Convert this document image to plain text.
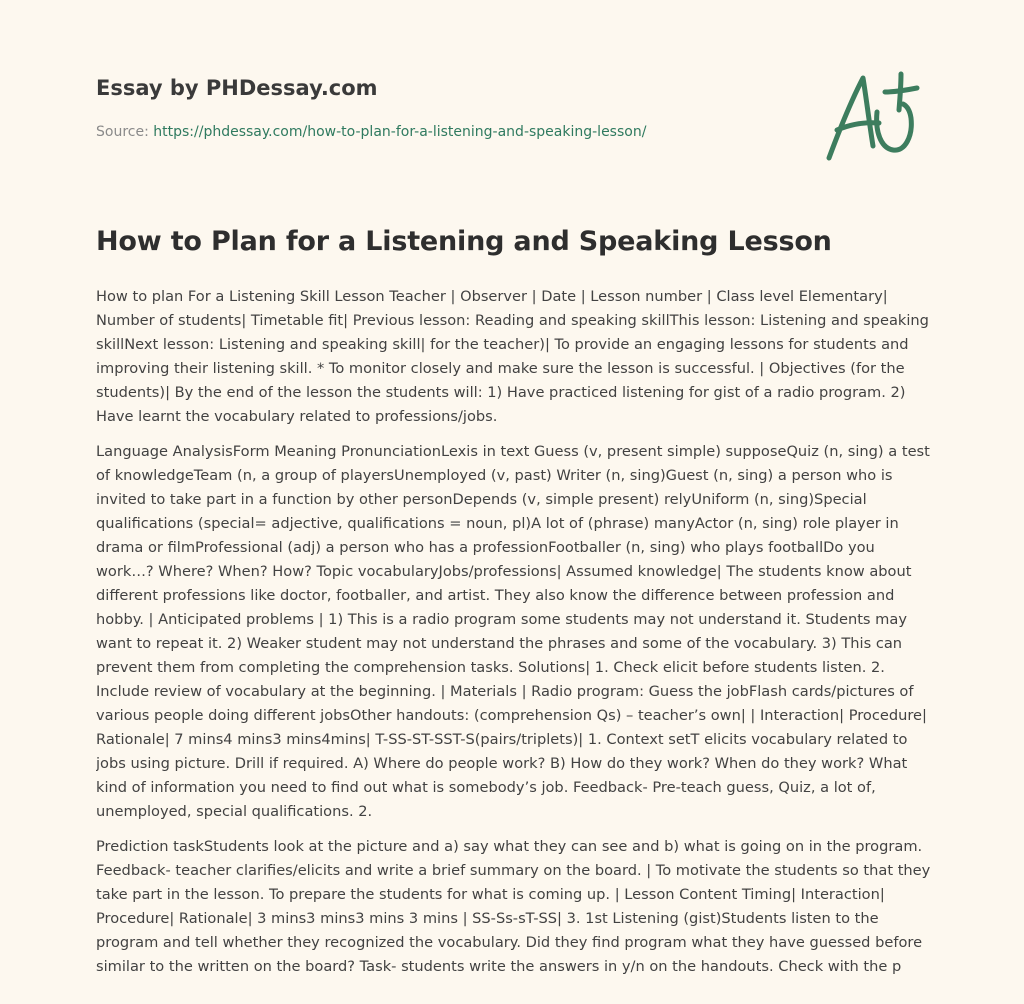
Essay by PHDessay.com
Source: https://phdessay.com/how-to-plan-for-a-listening-and-speaking-lesson/
How to Plan for a Listening and Speaking Lesson

How to plan For a Listening Skill Lesson Teacher | Observer | Date | Lesson number | Class level Elementary| Number of students| Timetable fit| Previous lesson: Reading and speaking skillThis lesson: Listening and speaking skillNext lesson: Listening and speaking skill| for the teacher)| To provide an engaging lessons for students and improving their listening skill. * To monitor closely and make sure the lesson is successful. | Objectives (for the students)| By the end of the lesson the students will: 1) Have practiced listening for gist of a radio program. 2) Have learnt the vocabulary related to professions/jobs.

Language AnalysisForm Meaning PronunciationLexis in text Guess (v, present simple) supposeQuiz (n, sing) a test of knowledgeTeam (n, a group of playersUnemployed (v, past) Writer (n, sing)Guest (n, sing) a person who is invited to take part in a function by other personDepends (v, simple present) relyUniform (n, sing)Special qualifications (special= adjective, qualifications = noun, pl)A lot of (phrase) manyActor (n, sing) role player in drama or filmProfessional (adj) a person who has a professionFootballer (n, sing) who plays footballDo you work…? Where? When? How? Topic vocabularyJobs/professions| Assumed knowledge| The students know about different professions like doctor, footballer, and artist. They also know the difference between profession and hobby. | Anticipated problems | 1) This is a radio program some students may not understand it. Students may want to repeat it. 2) Weaker student may not understand the phrases and some of the vocabulary. 3) This can prevent them from completing the comprehension tasks. Solutions| 1. Check elicit before students listen. 2. Include review of vocabulary at the beginning. | Materials | Radio program: Guess the jobFlash cards/pictures of various people doing different jobsOther handouts: (comprehension Qs) – teacher’s own| | Interaction| Procedure| Rationale| 7 mins4 mins3 mins4mins| T-SS-ST-SST-S(pairs/triplets)| 1. Context setT elicits vocabulary related to jobs using picture. Drill if required. A) Where do people work? B) How do they work? When do they work? What kind of information you need to find out what is somebody’s job. Feedback- Pre-teach guess, Quiz, a lot of, unemployed, special qualifications. 2.

Prediction taskStudents look at the picture and a) say what they can see and b) what is going on in the program. Feedback- teacher clarifies/elicits and write a brief summary on the board. | To motivate the students so that they take part in the lesson. To prepare the students for what is coming up. | Lesson Content Timing| Interaction| Procedure| Rationale| 3 mins3 mins3 mins 3 mins | SS-Ss-sT-SS| 3. 1st Listening (gist)Students listen to the program and tell whether they recognized the vocabulary. Did they find program what they have guessed before similar to the written on the board? Task- students write the answers in y/n on the handouts. Check with the p
